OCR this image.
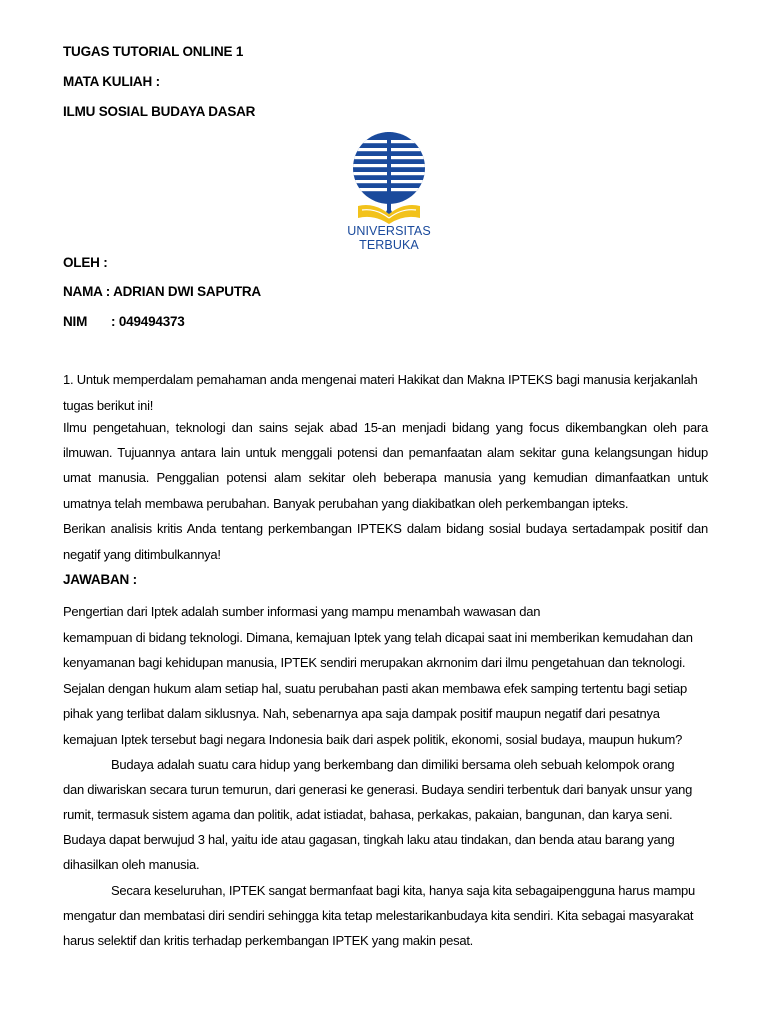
TUGAS TUTORIAL ONLINE 1
MATA KULIAH :
ILMU SOSIAL BUDAYA DASAR
UNIVERSITAS TERBUKA
OLEH :
NAMA : ADRIAN DWI SAPUTRA
NIM : 049494373
1. Untuk memperdalam pemahaman anda mengenai materi Hakikat dan Makna IPTEKS bagi manusia kerjakanlah
tugas berikut ini!
Ilmu pengetahuan, teknologi dan sains sejak abad 15-an menjadi bidang yang focus dikembangkan oleh para
ilmuwan. Tujuannya antara lain untuk menggali potensi dan pemanfaatan alam sekitar guna kelangsungan hidup
umat manusia. Penggalian potensi alam sekitar oleh beberapa manusia yang kemudian dimanfaatkan untuk
umatnya telah membawa perubahan. Banyak perubahan yang diakibatkan oleh perkembangan ipteks.
Berikan analisis kritis Anda tentang perkembangan IPTEKS dalam bidang sosial budaya sertadampak positif dan
negatif yang ditimbulkannya!
JAWABAN :
Pengertian dari Iptek adalah sumber informasi yang mampu menambah wawasan dan
kemampuan di bidang teknologi. Dimana, kemajuan Iptek yang telah dicapai saat ini memberikan kemudahan dan
kenyamanan bagi kehidupan manusia, IPTEK sendiri merupakan akrnonim dari ilmu pengetahuan dan teknologi.
Sejalan dengan hukum alam setiap hal, suatu perubahan pasti akan membawa efek samping tertentu bagi setiap
pihak yang terlibat dalam siklusnya. Nah, sebenarnya apa saja dampak positif maupun negatif dari pesatnya
kemajuan Iptek tersebut bagi negara Indonesia baik dari aspek politik, ekonomi, sosial budaya, maupun hukum?
Budaya adalah suatu cara hidup yang berkembang dan dimiliki bersama oleh sebuah kelompok orang
dan diwariskan secara turun temurun, dari generasi ke generasi. Budaya sendiri terbentuk dari banyak unsur yang
rumit, termasuk sistem agama dan politik, adat istiadat, bahasa, perkakas, pakaian, bangunan, dan karya seni.
Budaya dapat berwujud 3 hal, yaitu ide atau gagasan, tingkah laku atau tindakan, dan benda atau barang yang
dihasilkan oleh manusia.
Secara keseluruhan, IPTEK sangat bermanfaat bagi kita, hanya saja kita sebagaipengguna harus mampu
mengatur dan membatasi diri sendiri sehingga kita tetap melestarikanbudaya kita sendiri. Kita sebagai masyarakat
harus selektif dan kritis terhadap perkembangan IPTEK yang makin pesat.
